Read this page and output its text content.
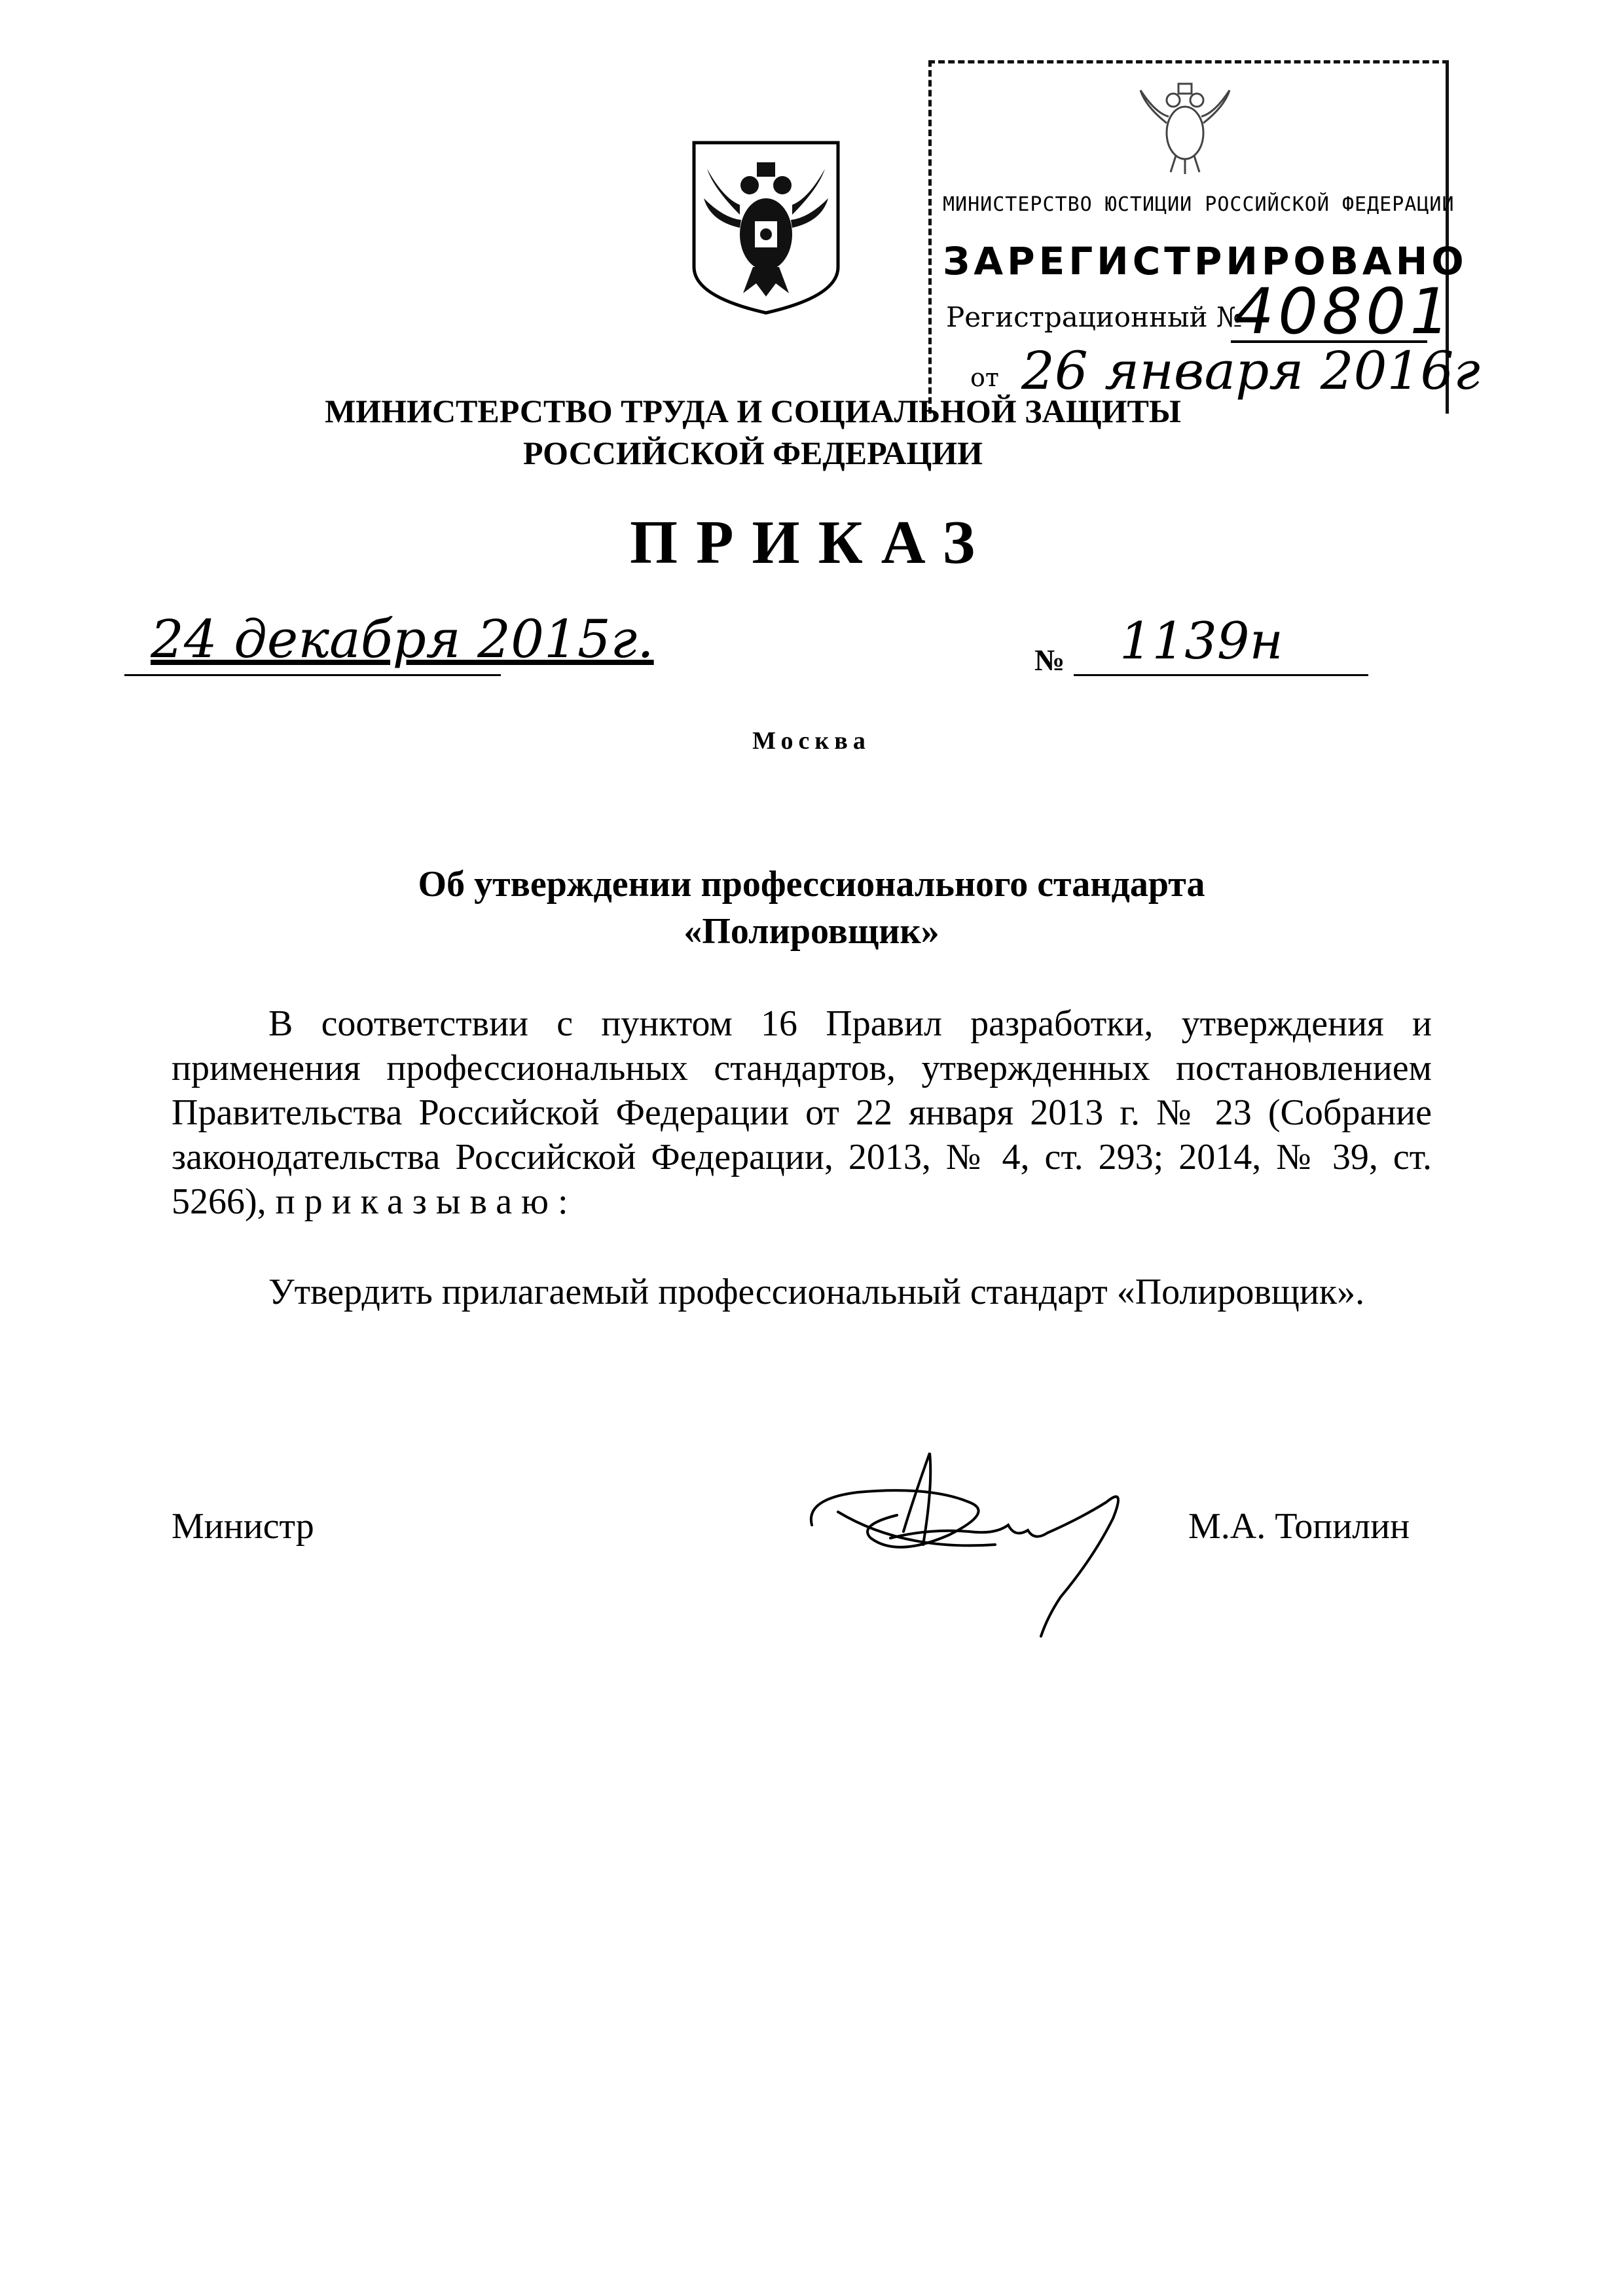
МИНИСТЕРСТВО ЮСТИЦИИ РОССИЙСКОЙ ФЕДЕРАЦИИ
ЗАРЕГИСТРИРОВАНО
Регистрационный №
40801
от 26 января 2016г
МИНИСТЕРСТВО ТРУДА И СОЦИАЛЬНОЙ ЗАЩИТЫ
РОССИЙСКОЙ ФЕДЕРАЦИИ
ПРИКАЗ
24 декабря 2015г.	№ 1139н
Москва
Об утверждении профессионального стандарта
«Полировщик»
В соответствии с пунктом 16 Правил разработки, утверждения и применения профессиональных стандартов, утвержденных постановлением Правительства Российской Федерации от 22 января 2013 г. № 23 (Собрание законодательства Российской Федерации, 2013, № 4, ст. 293; 2014, № 39, ст. 5266), приказываю:
Утвердить прилагаемый профессиональный стандарт «Полировщик».
Министр	М.А. Топилин
